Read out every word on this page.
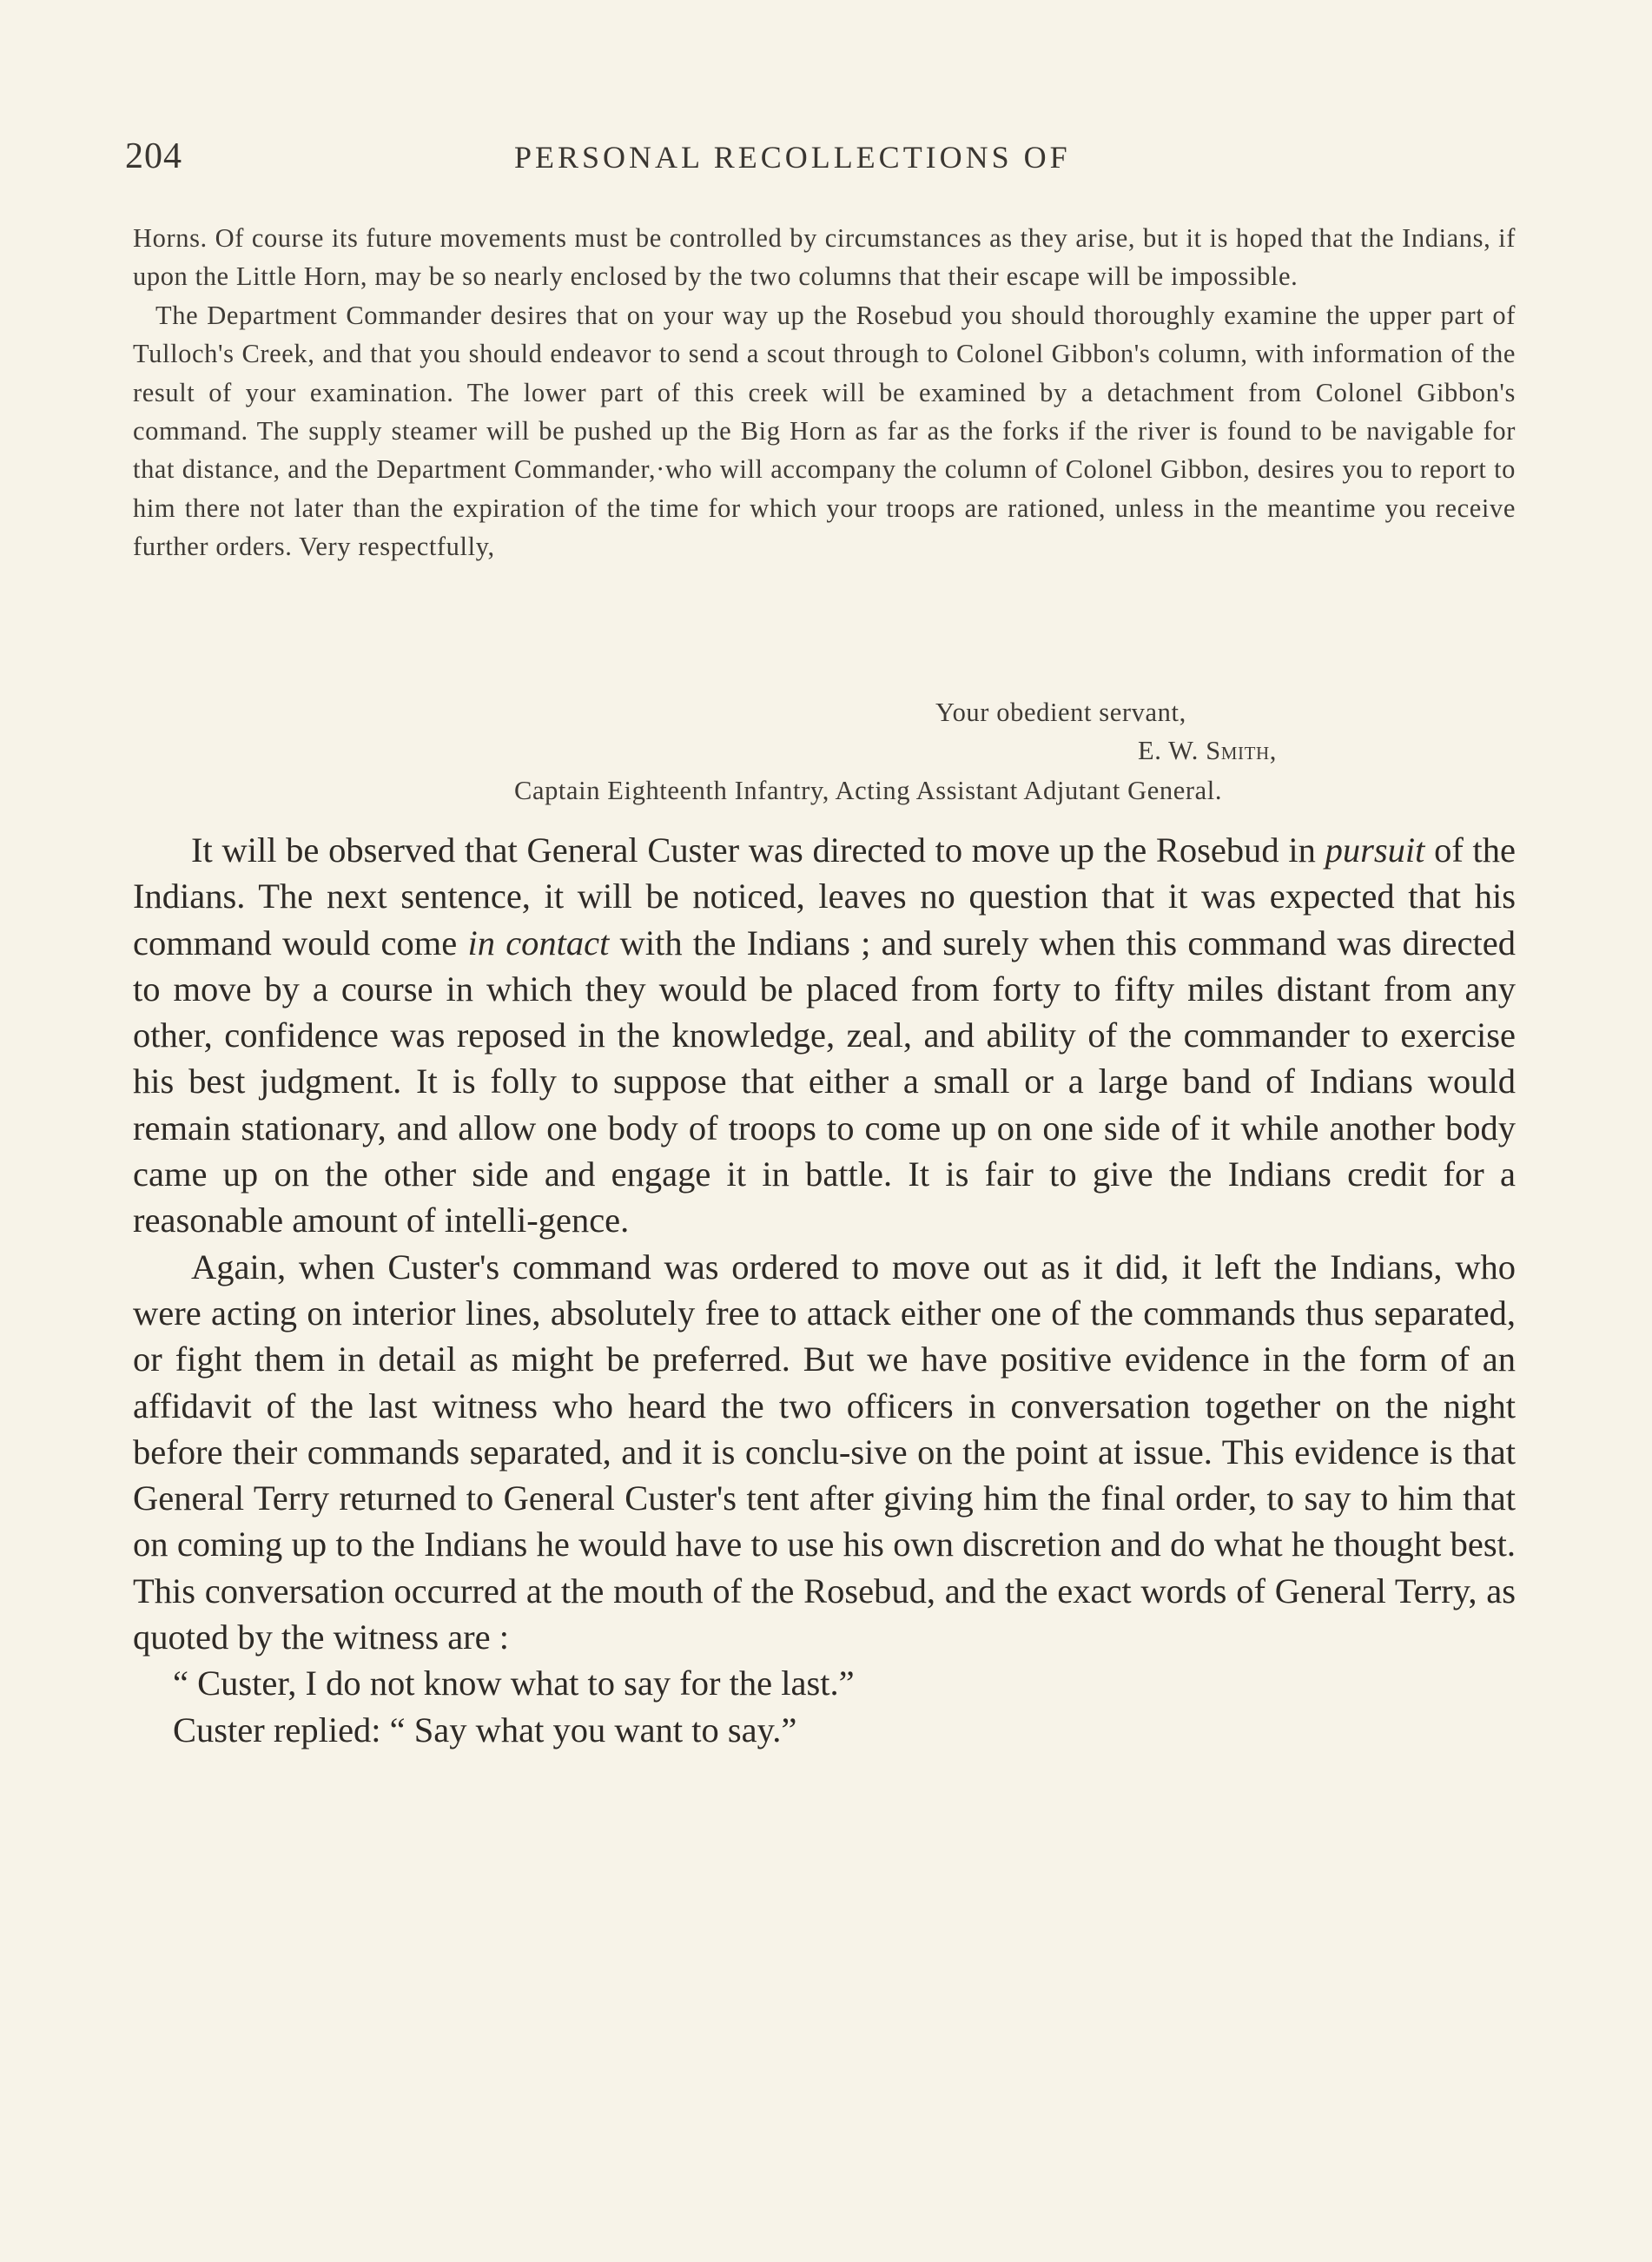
204	PERSONAL RECOLLECTIONS OF

Horns. Of course its future movements must be controlled by circumstances as they arise, but it is hoped that the Indians, if upon the Little Horn, may be so nearly enclosed by the two columns that their escape will be impossible.

The Department Commander desires that on your way up the Rosebud you should thoroughly examine the upper part of Tulloch's Creek, and that you should endeavor to send a scout through to Colonel Gibbon's column, with information of the result of your examination. The lower part of this creek will be examined by a detachment from Colonel Gibbon's command. The supply steamer will be pushed up the Big Horn as far as the forks if the river is found to be navigable for that distance, and the Department Commander,·who will accompany the column of Colonel Gibbon, desires you to report to him there not later than the expiration of the time for which your troops are rationed, unless in the meantime you receive further orders. Very respectfully,

Your obedient servant,
E. W. Smith,
Captain Eighteenth Infantry, Acting Assistant Adjutant General.

It will be observed that General Custer was directed to move up the Rosebud in pursuit of the Indians. The next sentence, it will be noticed, leaves no question that it was expected that his command would come in contact with the Indians ; and surely when this command was directed to move by a course in which they would be placed from forty to fifty miles distant from any other, confidence was reposed in the knowledge, zeal, and ability of the commander to exercise his best judgment. It is folly to suppose that either a small or a large band of Indians would remain stationary, and allow one body of troops to come up on one side of it while another body came up on the other side and engage it in battle. It is fair to give the Indians credit for a reasonable amount of intelli-gence.

Again, when Custer's command was ordered to move out as it did, it left the Indians, who were acting on interior lines, absolutely free to attack either one of the commands thus separated, or fight them in detail as might be preferred. But we have positive evidence in the form of an affidavit of the last witness who heard the two officers in conversation together on the night before their commands separated, and it is conclu-sive on the point at issue. This evidence is that General Terry returned to General Custer's tent after giving him the final order, to say to him that on coming up to the Indians he would have to use his own discretion and do what he thought best. This conversation occurred at the mouth of the Rosebud, and the exact words of General Terry, as quoted by the witness are :

“ Custer, I do not know what to say for the last.”

Custer replied: “ Say what you want to say.”
